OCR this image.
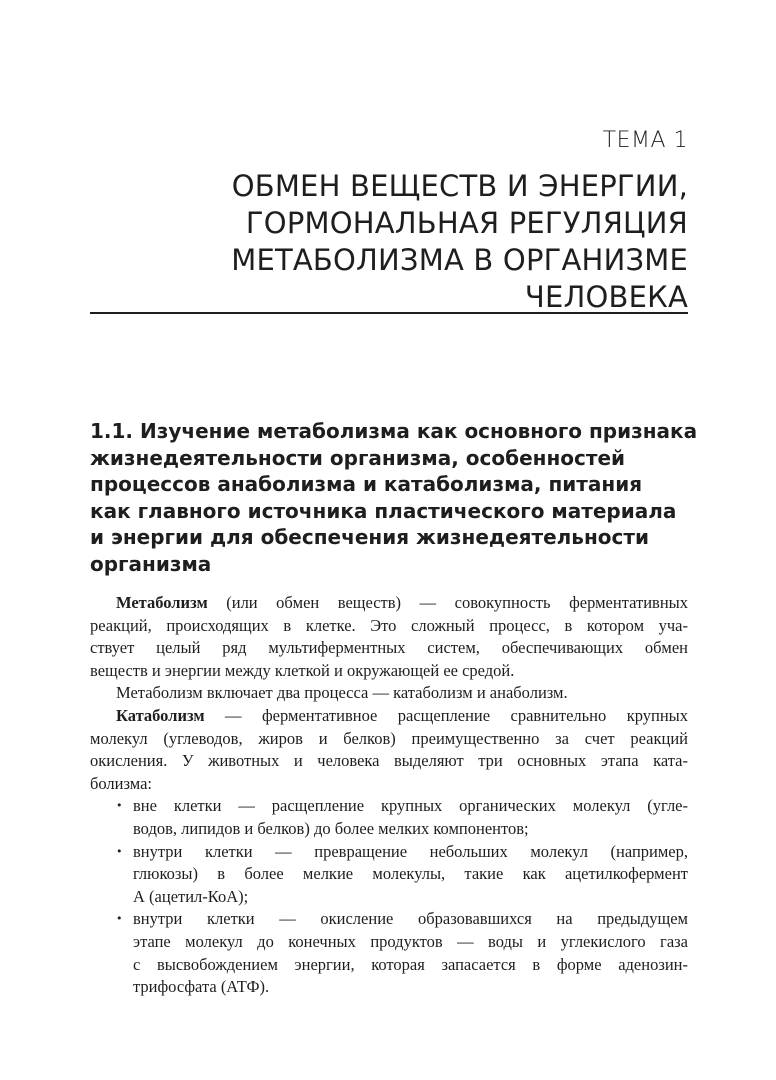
ТЕМА 1
ОБМЕН ВЕЩЕСТВ И ЭНЕРГИИ,
ГОРМОНАЛЬНАЯ РЕГУЛЯЦИЯ
МЕТАБОЛИЗМА В ОРГАНИЗМЕ
ЧЕЛОВЕКА
1.1. Изучение метаболизма как основного признака
жизнедеятельности организма, особенностей
процессов анаболизма и катаболизма, питания
как главного источника пластического материала
и энергии для обеспечения жизнедеятельности
организма

Метаболизм (или обмен веществ) — совокупность ферментативных
реакций, происходящих в клетке. Это сложный процесс, в котором уча-
ствует целый ряд мультиферментных систем, обеспечивающих обмен
веществ и энергии между клеткой и окружающей ее средой.

Метаболизм включает два процесса — катаболизм и анаболизм.

Катаболизм — ферментативное расщепление сравнительно крупных
молекул (углеводов, жиров и белков) преимущественно за счет реакций
окисления. У животных и человека выделяют три основных этапа ката-
болизма:

• вне клетки — расщепление крупных органических молекул (угле-
водов, липидов и белков) до более мелких компонентов;
• внутри клетки — превращение небольших молекул (например,
глюкозы) в более мелкие молекулы, такие как ацетилкофермент
А (ацетил-КоА);
• внутри клетки — окисление образовавшихся на предыдущем
этапе молекул до конечных продуктов — воды и углекислого газа
с высвобождением энергии, которая запасается в форме аденозин-
трифосфата (АТФ).
